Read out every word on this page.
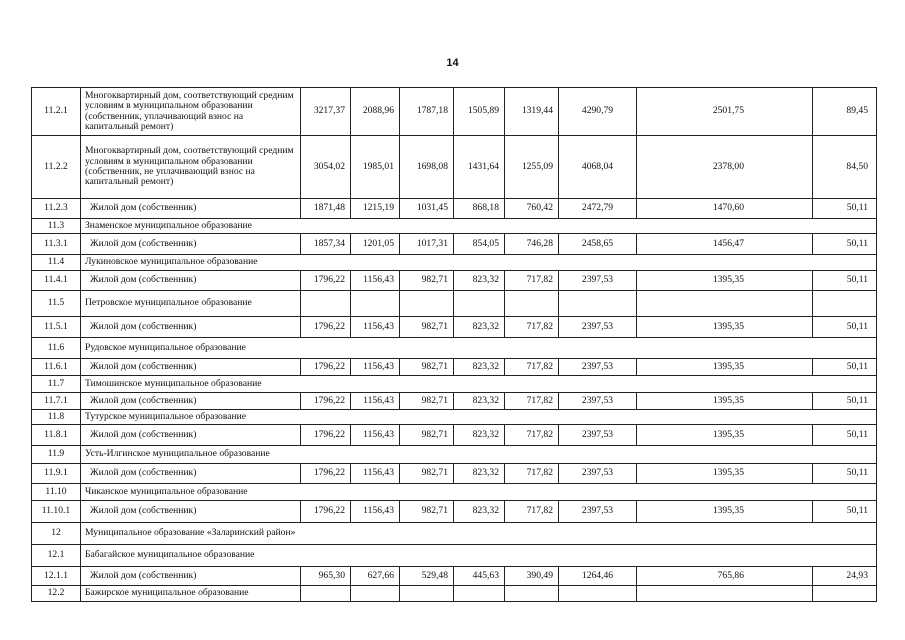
14
11.2.1	Многоквартирный дом, соответствующий средним условиям в муниципальном образовании (собственник, уплачивающий взнос на капитальный ремонт)	3217,37	2088,96	1787,18	1505,89	1319,44	4290,79	2501,75	89,45
11.2.2	Многоквартирный дом, соответствующий средним условиям в муниципальном образовании (собственник, не уплачивающий взнос на капитальный ремонт)	3054,02	1985,01	1698,08	1431,64	1255,09	4068,04	2378,00	84,50
11.2.3	Жилой дом (собственник)	1871,48	1215,19	1031,45	868,18	760,42	2472,79	1470,60	50,11
11.3	Знаменское муниципальное образование								
11.3.1	Жилой дом (собственник)	1857,34	1201,05	1017,31	854,05	746,28	2458,65	1456,47	50,11
11.4	Лукиновское муниципальное образование								
11.4.1	Жилой дом (собственник)	1796,22	1156,43	982,71	823,32	717,82	2397,53	1395,35	50,11
11.5	Петровское муниципальное образование								
11.5.1	Жилой дом (собственник)	1796,22	1156,43	982,71	823,32	717,82	2397,53	1395,35	50,11
11.6	Рудовское муниципальное образование								
11.6.1	Жилой дом (собственник)	1796,22	1156,43	982,71	823,32	717,82	2397,53	1395,35	50,11
11.7	Тимошинское муниципальное образование								
11.7.1	Жилой дом (собственник)	1796,22	1156,43	982,71	823,32	717,82	2397,53	1395,35	50,11
11.8	Тутурское муниципальное образование								
11.8.1	Жилой дом (собственник)	1796,22	1156,43	982,71	823,32	717,82	2397,53	1395,35	50,11
11.9	Усть-Илгинское муниципальное образование								
11.9.1	Жилой дом (собственник)	1796,22	1156,43	982,71	823,32	717,82	2397,53	1395,35	50,11
11.10	Чиканское муниципальное образование								
11.10.1	Жилой дом (собственник)	1796,22	1156,43	982,71	823,32	717,82	2397,53	1395,35	50,11
12	Муниципальное образование «Заларинский район»								
12.1	Бабагайское муниципальное образование								
12.1.1	Жилой дом (собственник)	965,30	627,66	529,48	445,63	390,49	1264,46	765,86	24,93
12.2	Бажирское муниципальное образование								
